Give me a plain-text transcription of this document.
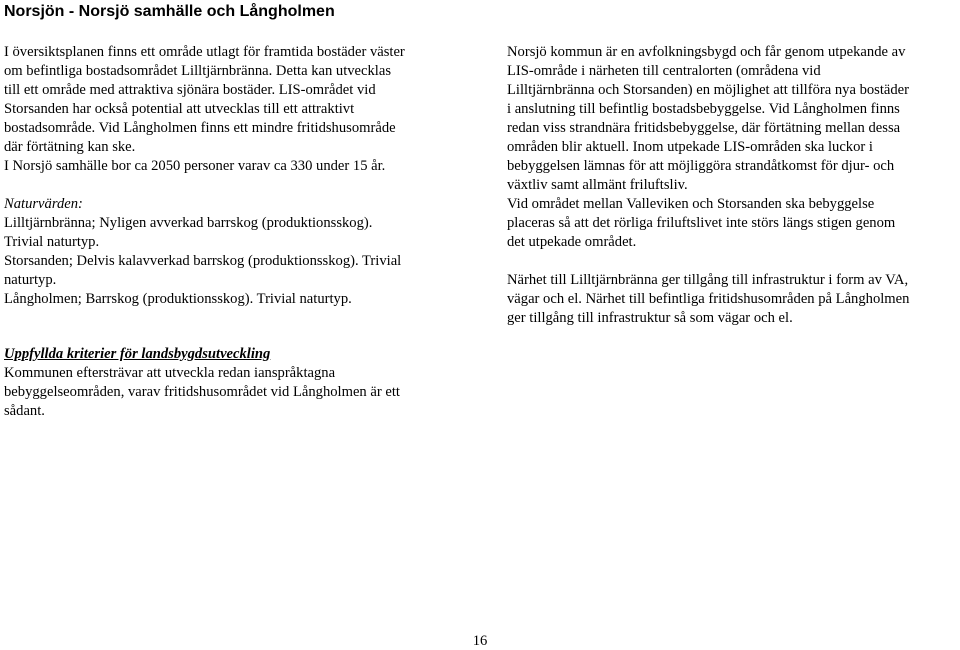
Norsjön - Norsjö samhälle och Långholmen

I översiktsplanen finns ett område utlagt för framtida bostäder väster
om befintliga bostadsområdet Lilltjärnbränna. Detta kan utvecklas
till ett område med attraktiva sjönära bostäder. LIS-området vid
Storsanden har också potential att utvecklas till ett attraktivt
bostadsområde. Vid Långholmen finns ett mindre fritidshusområde
där förtätning kan ske.
I Norsjö samhälle bor ca 2050 personer varav ca 330 under 15 år.

Naturvärden:
Lilltjärnbränna; Nyligen avverkad barrskog (produktionsskog).
Trivial naturtyp.
Storsanden; Delvis kalavverkad barrskog (produktionsskog). Trivial
naturtyp.
Långholmen; Barrskog (produktionsskog). Trivial naturtyp.

Norsjö kommun är en avfolkningsbygd och får genom utpekande av
LIS-område i närheten till centralorten (områdena vid
Lilltjärnbränna och Storsanden) en möjlighet att tillföra nya bostäder
i anslutning till befintlig bostadsbebyggelse. Vid Långholmen finns
redan viss strandnära fritidsbebyggelse, där förtätning mellan dessa
områden blir aktuell. Inom utpekade LIS-områden ska luckor i
bebyggelsen lämnas för att möjliggöra strandåtkomst för djur- och
växtliv samt allmänt friluftsliv.
Vid området mellan Valleviken och Storsanden ska bebyggelse
placeras så att det rörliga friluftslivet inte störs längs stigen genom
det utpekade området.

Närhet till Lilltjärnbränna ger tillgång till infrastruktur i form av VA,
vägar och el. Närhet till befintliga fritidshusområden på Långholmen
ger tillgång till infrastruktur så som vägar och el.

Uppfyllda kriterier för landsbygdsutveckling
Kommunen eftersträvar att utveckla redan ianspråktagna
bebyggelseområden, varav fritidshusområdet vid Långholmen är ett
sådant.
16
